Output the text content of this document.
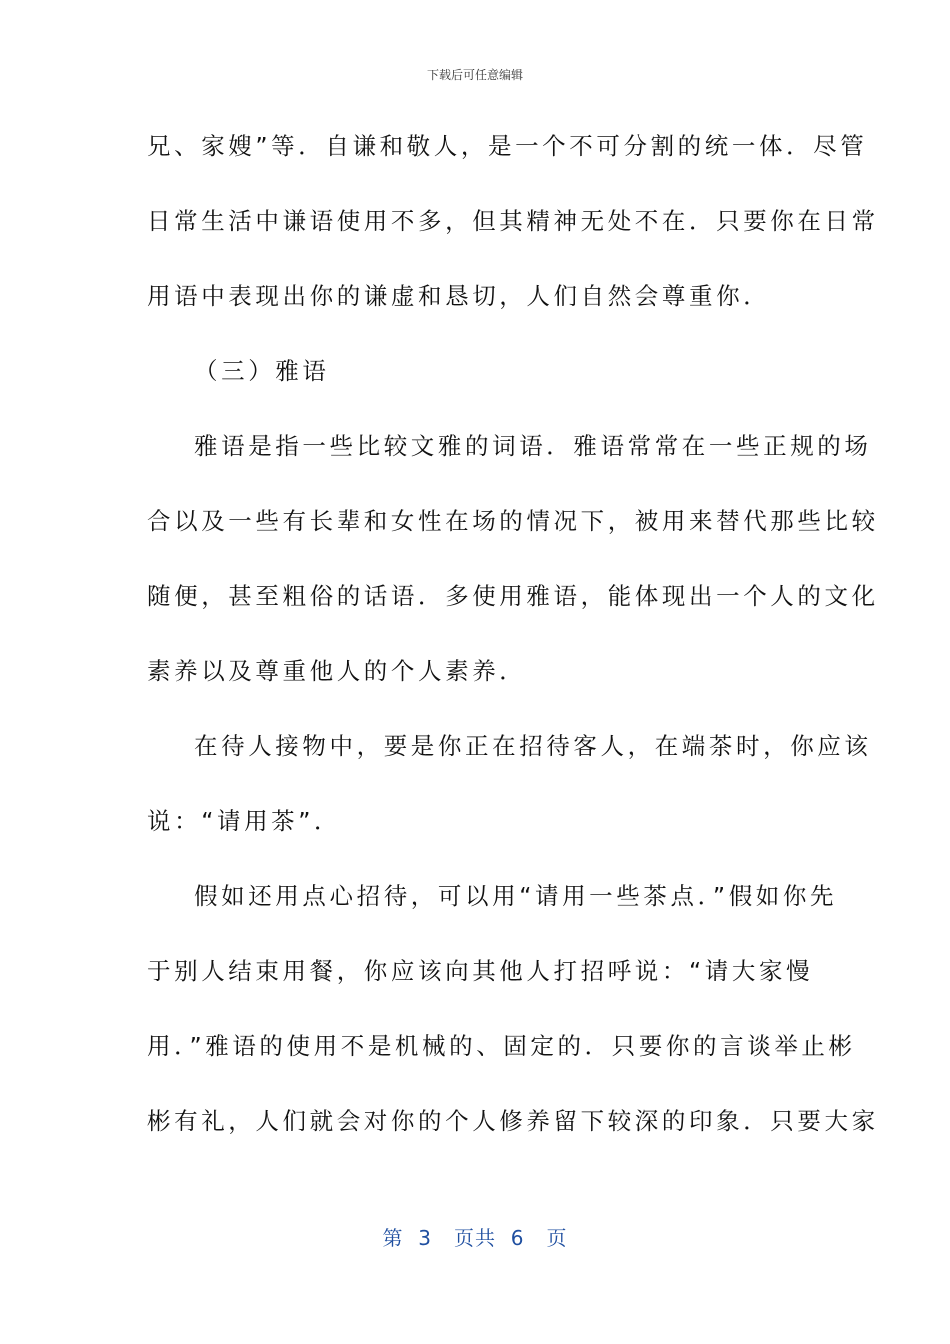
下载后可任意编辑
兄、家嫂”等．自谦和敬人，是一个不可分割的统一体．尽管
日常生活中谦语使用不多，但其精神无处不在．只要你在日常
用语中表现出你的谦虚和恳切，人们自然会尊重你．
（三）雅语
雅语是指一些比较文雅的词语．雅语常常在一些正规的场
合以及一些有长辈和女性在场的情况下，被用来替代那些比较
随便，甚至粗俗的话语．多使用雅语，能体现出一个人的文化
素养以及尊重他人的个人素养．
在待人接物中，要是你正在招待客人，在端茶时，你应该
说：“请用茶”．
假如还用点心招待，可以用“请用一些茶点．”假如你先
于别人结束用餐，你应该向其他人打招呼说：“请大家慢
用．”雅语的使用不是机械的、固定的．只要你的言谈举止彬
彬有礼，人们就会对你的个人修养留下较深的印象．只要大家
第  3   页共  6   页
